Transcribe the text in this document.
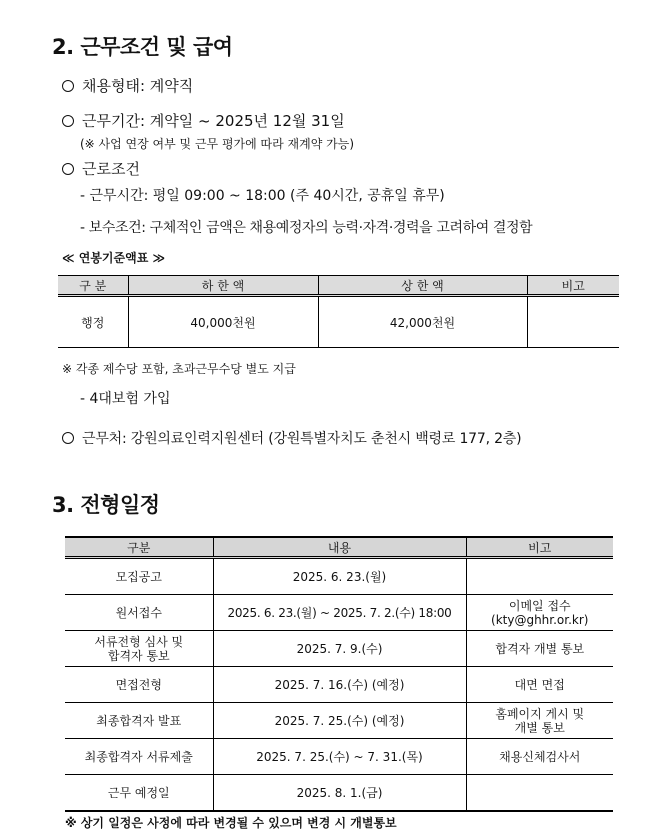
2. 근무조건 및 급여
채용형태: 계약직
근무기간: 계약일 ~ 2025년 12월 31일
(※ 사업 연장 여부 및 근무 평가에 따라 재계약 가능)
근로조건
- 근무시간: 평일 09:00 ~ 18:00 (주 40시간, 공휴일 휴무)
- 보수조건: 구체적인 금액은 채용예정자의 능력·자격·경력을 고려하여 결정함
≪ 연봉기준액표 ≫
구 분	하 한 액	상 한 액	비고
행정	40,000천원	42,000천원	
※ 각종 제수당 포함, 초과근무수당 별도 지급
- 4대보험 가입
근무처: 강원의료인력지원센터 (강원특별자치도 춘천시 백령로 177, 2층)
3. 전형일정
구분	내용	비고
모집공고	2025. 6. 23.(월)	
원서접수	2025. 6. 23.(월) ~ 2025. 7. 2.(수) 18:00	이메일 접수
(kty@ghhr.or.kr)
서류전형 심사 및
합격자 통보	2025. 7. 9.(수)	합격자 개별 통보
면접전형	2025. 7. 16.(수) (예정)	대면 면접
최종합격자 발표	2025. 7. 25.(수) (예정)	홈페이지 게시 및
개별 통보
최종합격자 서류제출	2025. 7. 25.(수) ~ 7. 31.(목)	채용신체검사서
근무 예정일	2025. 8. 1.(금)	
※ 상기 일정은 사정에 따라 변경될 수 있으며 변경 시 개별통보
